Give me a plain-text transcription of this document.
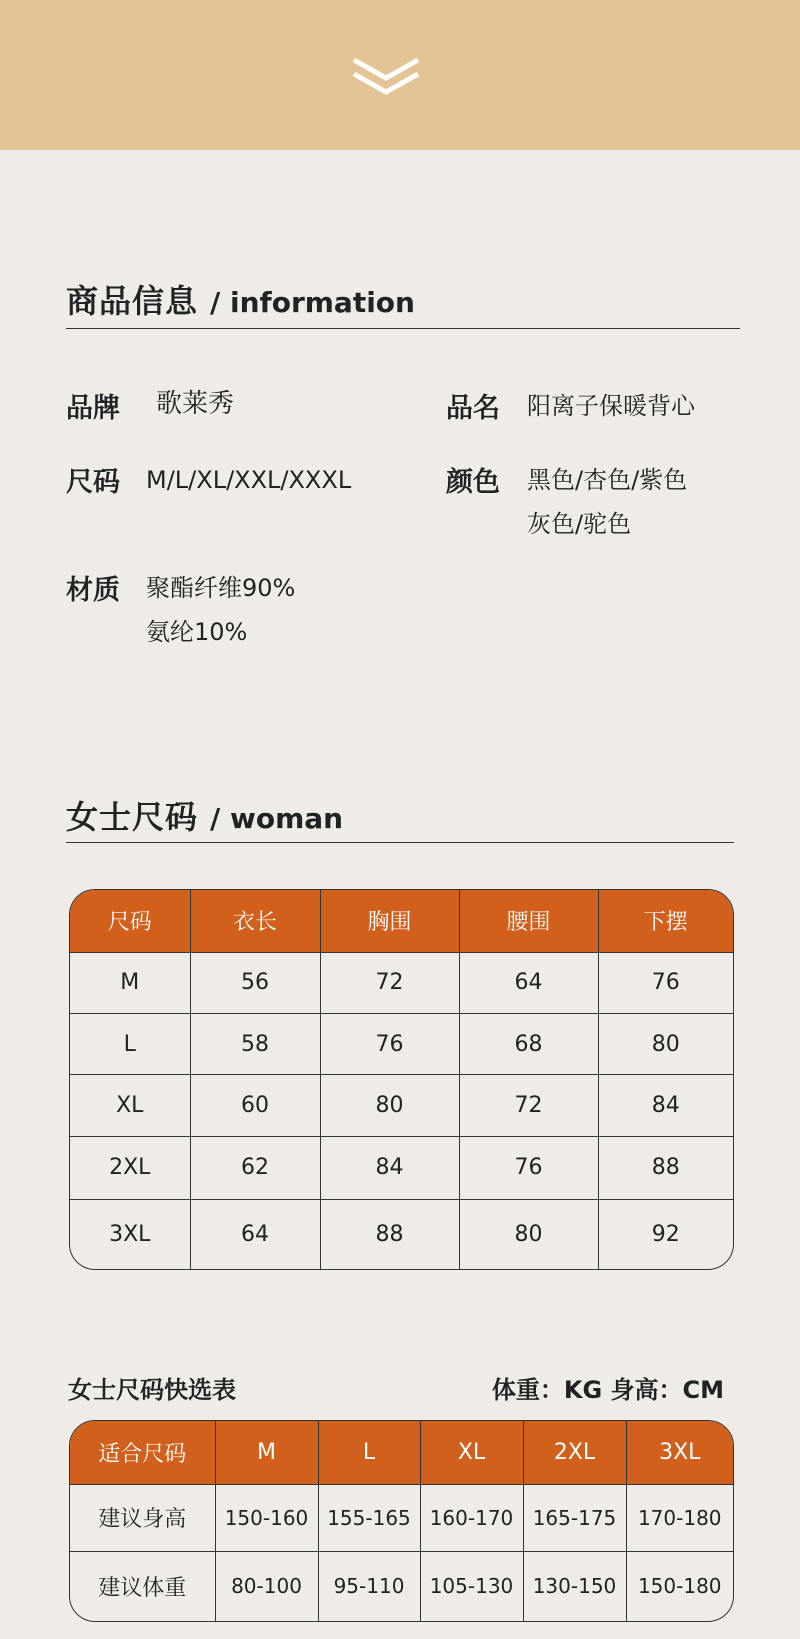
商品信息 / information
品牌 歌莱秀	品名 阳离子保暖背心
尺码 M/L/XL/XXL/XXXL	颜色 黑色/杏色/紫色
灰色/驼色
材质 聚酯纤维90%
氨纶10%
女士尺码 / woman
尺码	衣长	胸围	腰围	下摆
M	56	72	64	76
L	58	76	68	80
XL	60	80	72	84
2XL	62	84	76	88
3XL	64	88	80	92
女士尺码快选表	体重：KG 身高：CM
适合尺码	M	L	XL	2XL	3XL
建议身高	150-160	155-165	160-170	165-175	170-180
建议体重	80-100	95-110	105-130	130-150	150-180
